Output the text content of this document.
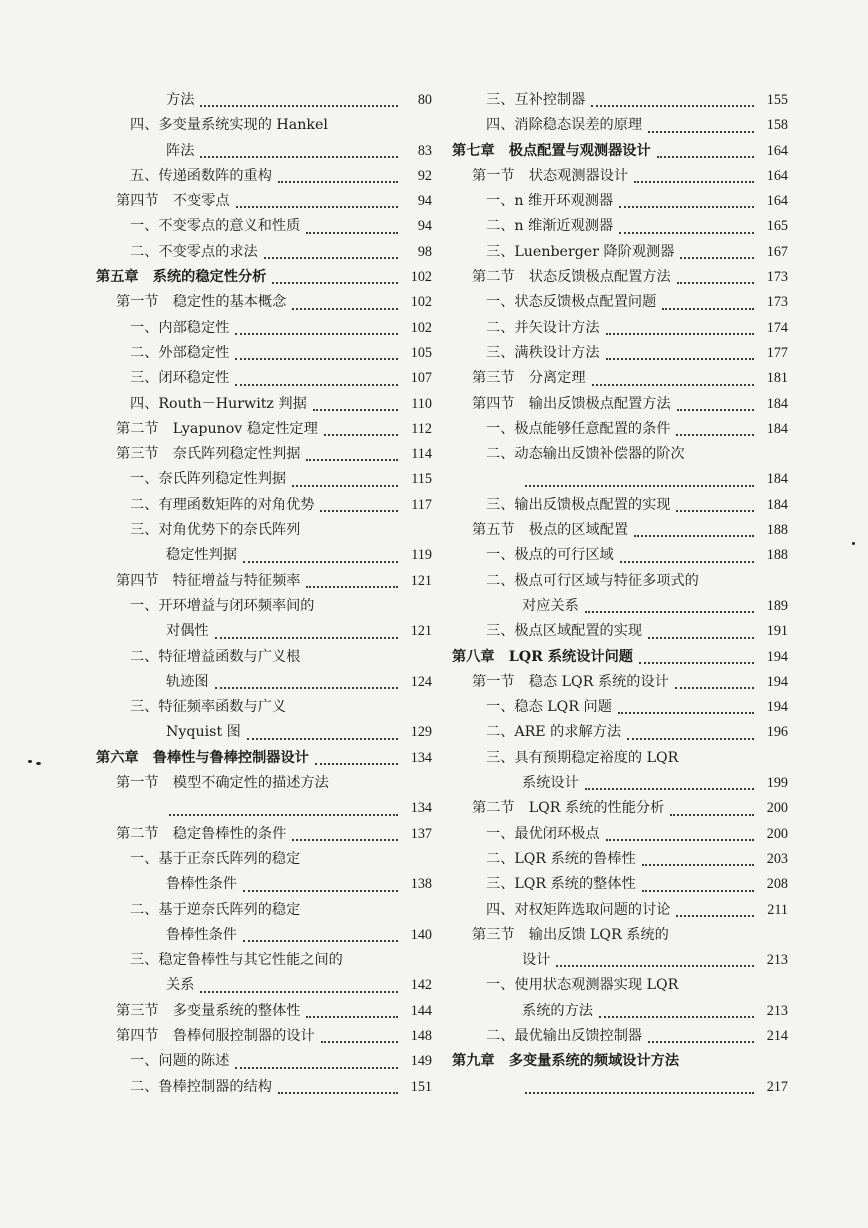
方法	80
四、多变量系统实现的 Hankel
阵法	83
五、传递函数阵的重构	92
第四节　不变零点	94
一、不变零点的意义和性质	94
二、不变零点的求法	98
第五章　系统的稳定性分析	102
第一节　稳定性的基本概念	102
一、内部稳定性	102
二、外部稳定性	105
三、闭环稳定性	107
四、Routh－Hurwitz 判据	110
第二节　Lyapunov 稳定性定理	112
第三节　奈氏阵列稳定性判据	114
一、奈氏阵列稳定性判据	115
二、有理函数矩阵的对角优势	117
三、对角优势下的奈氏阵列
稳定性判据	119
第四节　特征增益与特征频率	121
一、开环增益与闭环频率间的
对偶性	121
二、特征增益函数与广义根
轨迹图	124
三、特征频率函数与广义
Nyquist 图	129
第六章　鲁棒性与鲁棒控制器设计	134
第一节　模型不确定性的描述方法
134
第二节　稳定鲁棒性的条件	137
一、基于正奈氏阵列的稳定
鲁棒性条件	138
二、基于逆奈氏阵列的稳定
鲁棒性条件	140
三、稳定鲁棒性与其它性能之间的
关系	142
第三节　多变量系统的整体性	144
第四节　鲁棒伺服控制器的设计	148
一、问题的陈述	149
二、鲁棒控制器的结构	151
三、互补控制器	155
四、消除稳态误差的原理	158
第七章　极点配置与观测器设计	164
第一节　状态观测器设计	164
一、n 维开环观测器	164
二、n 维渐近观测器	165
三、Luenberger 降阶观测器	167
第二节　状态反馈极点配置方法	173
一、状态反馈极点配置问题	173
二、并矢设计方法	174
三、满秩设计方法	177
第三节　分离定理	181
第四节　输出反馈极点配置方法	184
一、极点能够任意配置的条件	184
二、动态输出反馈补偿器的阶次
184
三、输出反馈极点配置的实现	184
第五节　极点的区域配置	188
一、极点的可行区域	188
二、极点可行区域与特征多项式的
对应关系	189
三、极点区域配置的实现	191
第八章　LQR 系统设计问题	194
第一节　稳态 LQR 系统的设计	194
一、稳态 LQR 问题	194
二、ARE 的求解方法	196
三、具有预期稳定裕度的 LQR
系统设计	199
第二节　LQR 系统的性能分析	200
一、最优闭环极点	200
二、LQR 系统的鲁棒性	203
三、LQR 系统的整体性	208
四、对权矩阵选取问题的讨论	211
第三节　输出反馈 LQR 系统的
设计	213
一、使用状态观测器实现 LQR
系统的方法	213
二、最优输出反馈控制器	214
第九章　多变量系统的频域设计方法
217
